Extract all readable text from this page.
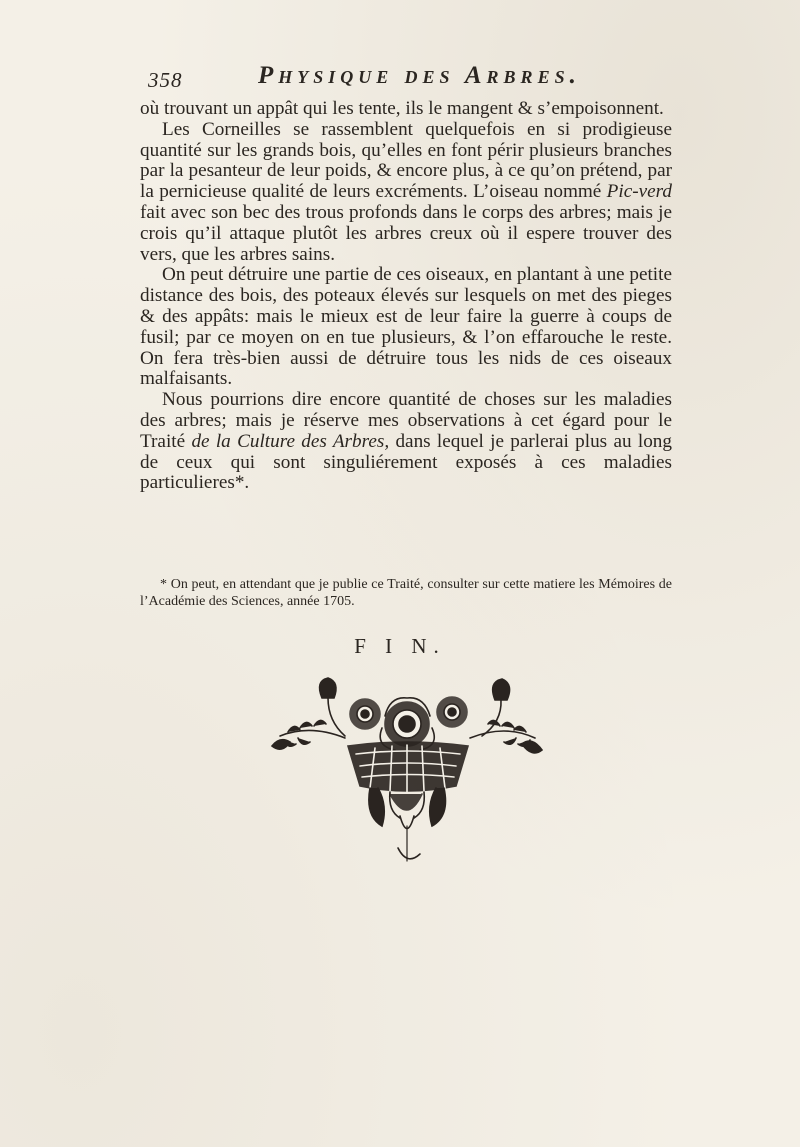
358	Physique des Arbres.

où trouvant un appât qui les tente, ils le mangent & s’empoisonnent.

Les Corneilles se rassemblent quelquefois en si prodigieuse quantité sur les grands bois, qu’elles en font périr plusieurs branches par la pesanteur de leur poids, & encore plus, à ce qu’on prétend, par la pernicieuse qualité de leurs excréments. L’oiseau nommé Pic-verd fait avec son bec des trous profonds dans le corps des arbres; mais je crois qu’il attaque plutôt les arbres creux où il espere trouver des vers, que les arbres sains.

On peut détruire une partie de ces oiseaux, en plantant à une petite distance des bois, des poteaux élevés sur lesquels on met des pieges & des appâts: mais le mieux est de leur faire la guerre à coups de fusil; par ce moyen on en tue plusieurs, & l’on effarouche le reste. On fera très-bien aussi de détruire tous les nids de ces oiseaux malfaisants.

Nous pourrions dire encore quantité de choses sur les maladies des arbres; mais je réserve mes observations à cet égard pour le Traité de la Culture des Arbres, dans lequel je parlerai plus au long de ceux qui sont singuliérement exposés à ces maladies particulieres*.

* On peut, en attendant que je publie ce Traité, consulter sur cette matiere les Mémoires de l’Académie des Sciences, année 1705.
F I N.
